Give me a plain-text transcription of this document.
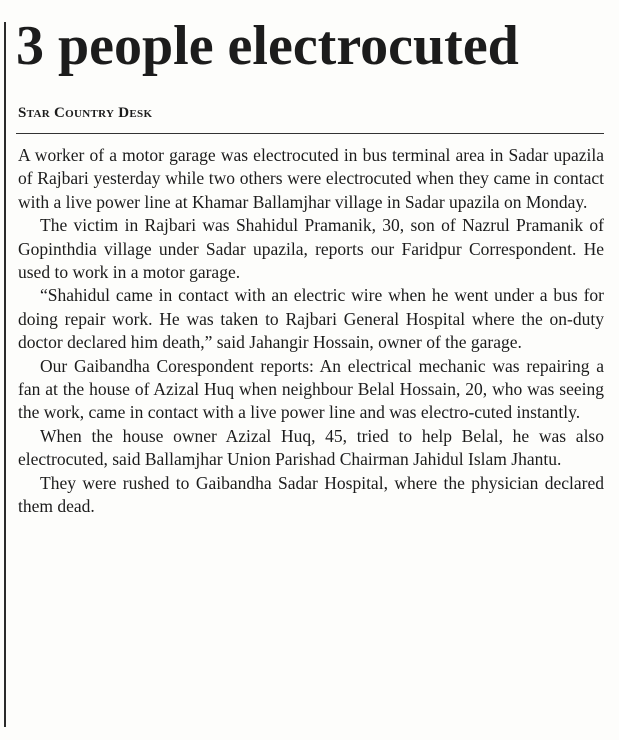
3 people electrocuted
Star Country Desk

A worker of a motor garage was electrocuted in bus terminal area in Sadar upazila of Rajbari yesterday while two others were electrocuted when they came in contact with a live power line at Khamar Ballamjhar village in Sadar upazila on Monday.

The victim in Rajbari was Shahidul Pramanik, 30, son of Nazrul Pramanik of Gopinthdia village under Sadar upazila, reports our Faridpur Correspondent. He used to work in a motor garage.

“Shahidul came in contact with an electric wire when he went under a bus for doing repair work. He was taken to Rajbari General Hospital where the on-duty doctor declared him death,” said Jahangir Hossain, owner of the garage.

Our Gaibandha Corespondent reports: An electrical mechanic was repairing a fan at the house of Azizal Huq when neighbour Belal Hossain, 20, who was seeing the work, came in contact with a live power line and was electro-cuted instantly.

When the house owner Azizal Huq, 45, tried to help Belal, he was also electrocuted, said Ballamjhar Union Parishad Chairman Jahidul Islam Jhantu.

They were rushed to Gaibandha Sadar Hospital, where the physician declared them dead.
